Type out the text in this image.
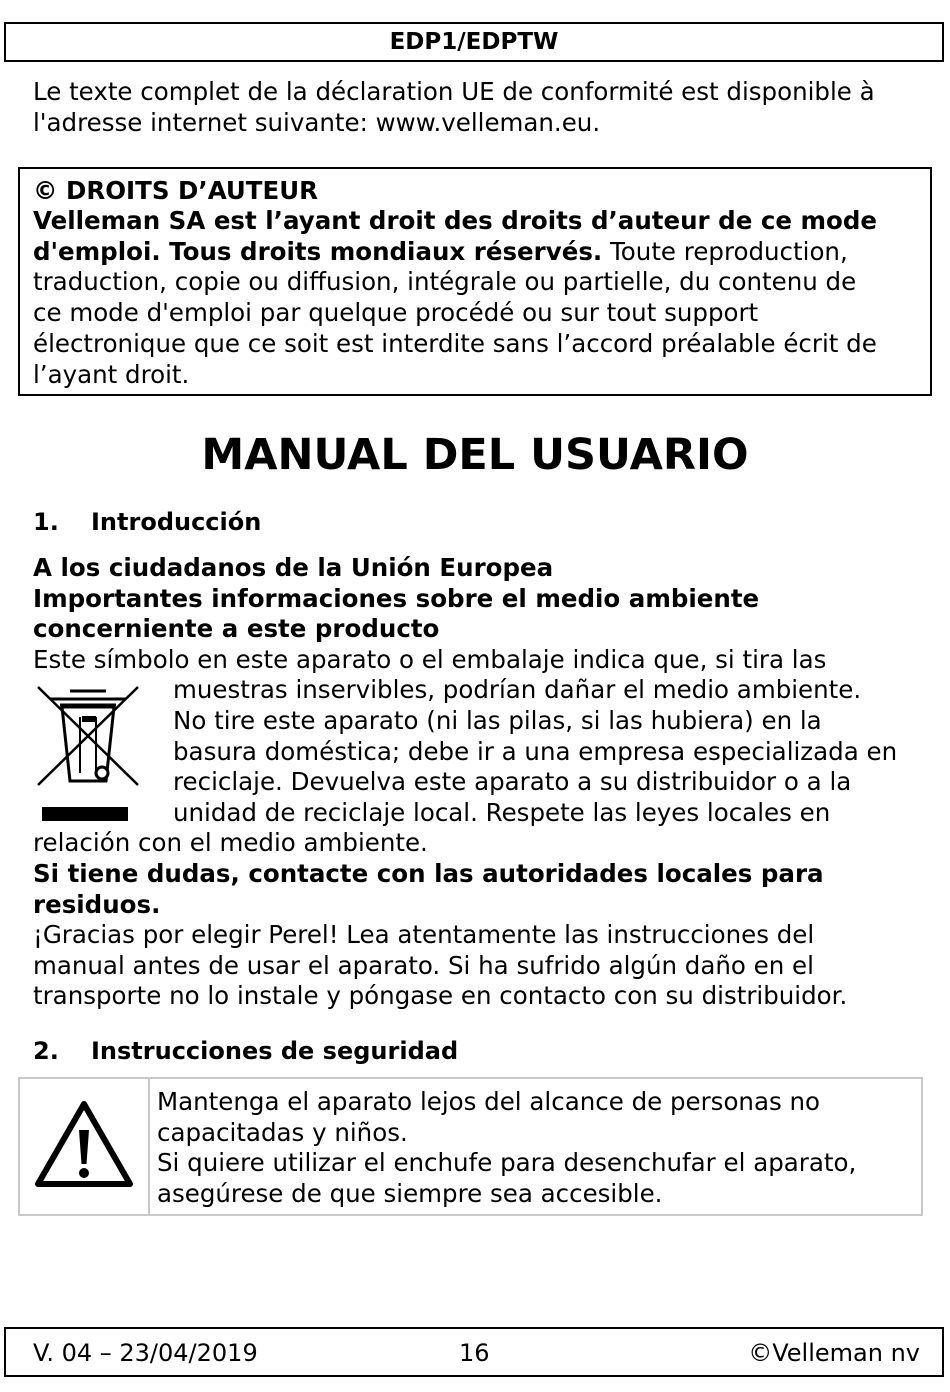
EDP1/EDPTW
Le texte complet de la déclaration UE de conformité est disponible à
l'adresse internet suivante: www.velleman.eu.
© DROITS D’AUTEUR
Velleman SA est l’ayant droit des droits d’auteur de ce mode
d'emploi. Tous droits mondiaux réservés. Toute reproduction,
traduction, copie ou diffusion, intégrale ou partielle, du contenu de
ce mode d'emploi par quelque procédé ou sur tout support
électronique que ce soit est interdite sans l’accord préalable écrit de
l’ayant droit.
MANUAL DEL USUARIO
1. Introducción
A los ciudadanos de la Unión Europea
Importantes informaciones sobre el medio ambiente
concerniente a este producto
Este símbolo en este aparato o el embalaje indica que, si tira las
muestras inservibles, podrían dañar el medio ambiente.
No tire este aparato (ni las pilas, si las hubiera) en la
basura doméstica; debe ir a una empresa especializada en
reciclaje. Devuelva este aparato a su distribuidor o a la
unidad de reciclaje local. Respete las leyes locales en
relación con el medio ambiente.
Si tiene dudas, contacte con las autoridades locales para
residuos.
¡Gracias por elegir Perel! Lea atentamente las instrucciones del
manual antes de usar el aparato. Si ha sufrido algún daño en el
transporte no lo instale y póngase en contacto con su distribuidor.
2. Instrucciones de seguridad
Mantenga el aparato lejos del alcance de personas no
capacitadas y niños.
Si quiere utilizar el enchufe para desenchufar el aparato,
asegúrese de que siempre sea accesible.
V. 04 – 23/04/2019	16	©Velleman nv
